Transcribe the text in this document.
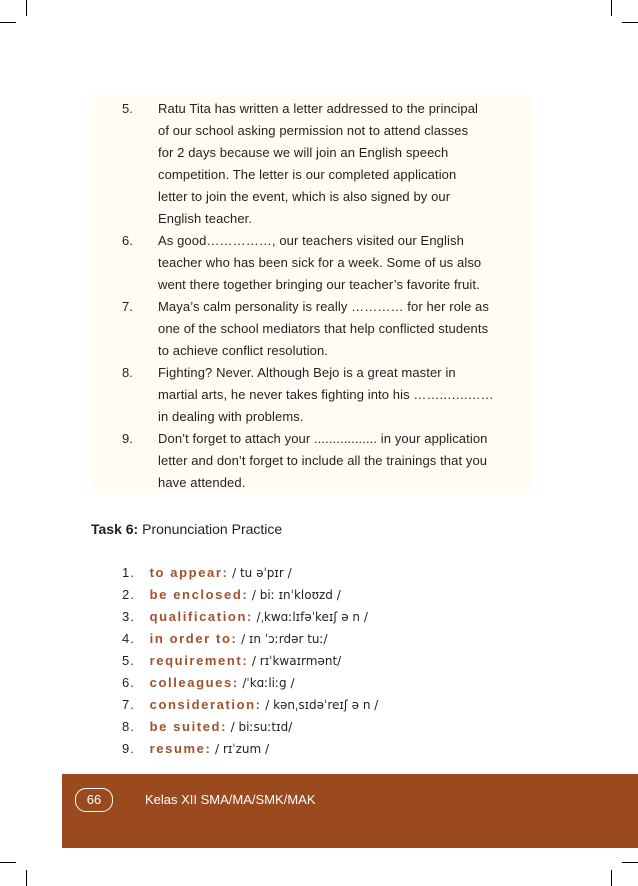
5. Ratu Tita has written a letter addressed to the principal
of our school asking permission not to attend classes
for 2 days because we will join an English speech
competition. The letter is our completed application
letter to join the event, which is also signed by our
English teacher.
6. As good……………, our teachers visited our English
teacher who has been sick for a week. Some of us also
went there together bringing our teacher’s favorite fruit.
7. Maya’s calm personality is really ………… for her role as
one of the school mediators that help conflicted students
to achieve conflict resolution.
8. Fighting? Never. Although Bejo is a great master in
martial arts, he never takes fighting into his ……..…..……
in dealing with problems.
9. Don’t forget to attach your ................. in your application
letter and don’t forget to include all the trainings that you
have attended.
Task 6: Pronunciation Practice
1. to appear: / tu əˈpɪr /
2. be enclosed: / biː ɪnˈkloʊzd /
3. qualification: /ˌkwɑːlɪfəˈkeɪʃ ə n /
4. in order to: / ɪn ˈɔːrdər tuː/
5. requirement: / rɪˈkwaɪrmənt/
6. colleagues: /ˈkɑːliːg /
7. consideration: / kənˌsɪdəˈreɪʃ ə n /
8. be suited: / biːsuːtɪd/
9. resume: / rɪˈzum /
66	Kelas XII SMA/MA/SMK/MAK
